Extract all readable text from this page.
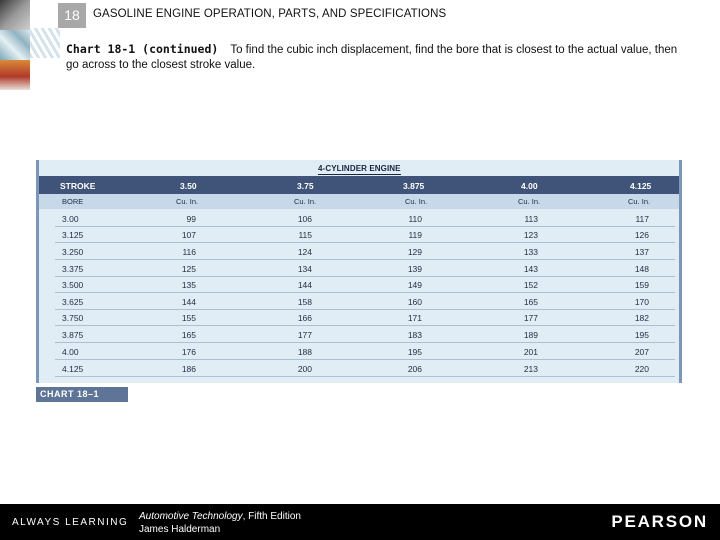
18	GASOLINE ENGINE OPERATION, PARTS, AND SPECIFICATIONS
Chart 18-1 (continued) To find the cubic inch displacement, find the bore that is closest to the actual value, then go across to the closest stroke value.
4-CYLINDER ENGINE
STROKE	3.50	3.75	3.875	4.00	4.125
BORE	Cu. In.	Cu. In.	Cu. In.	Cu. In.	Cu. In.
3.00	99	106	110	113	117
3.125	107	115	119	123	126
3.250	116	124	129	133	137
3.375	125	134	139	143	148
3.500	135	144	149	152	159
3.625	144	158	160	165	170
3.750	155	166	171	177	182
3.875	165	177	183	189	195
4.00	176	188	195	201	207
4.125	186	200	206	213	220
CHART 18–1
ALWAYS LEARNING
Automotive Technology, Fifth Edition
James Halderman	PEARSON
